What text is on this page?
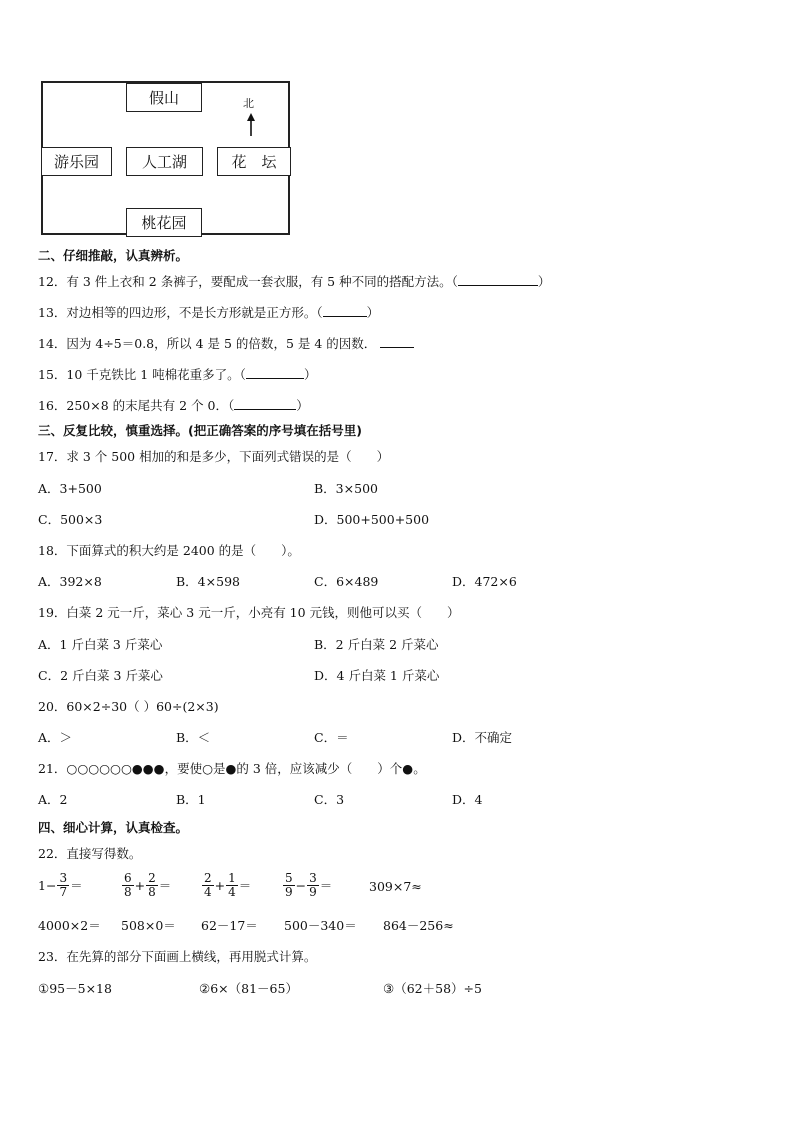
假山	北
游乐园	人工湖	花　坛
桃花园
二、仔细推敲，认真辨析。
12．有 3 件上衣和 2 条裤子，要配成一套衣服，有 5 种不同的搭配方法。（	）
13．对边相等的四边形，不是长方形就是正方形。（	）
14．因为 4÷5＝0.8，所以 4 是 5 的倍数，5 是 4 的因数．
15．10 千克铁比 1 吨棉花重多了。（	）
16．250×8 的末尾共有 2 个 0．（	）
三、反复比较，慎重选择。(把正确答案的序号填在括号里)
17．求 3 个 500 相加的和是多少，下面列式错误的是（　　）
A．3+500	B．3×500
C．500×3	D．500+500+500
18．下面算式的积大约是 2400 的是（　　）。
A．392×8	B．4×598	C．6×489	D．472×6
19．白菜 2 元一斤，菜心 3 元一斤，小亮有 10 元钱，则他可以买（　　）
A．1 斤白菜 3 斤菜心	B．2 斤白菜 2 斤菜心
C．2 斤白菜 3 斤菜心	D．4 斤白菜 1 斤菜心
20．60×2÷30（ ）60÷(2×3)
A．＞	B．＜	C．＝	D．不确定
21．○○○○○○●●●，要使○是●的 3 倍，应该减少（　　）个●。
A．2	B．1	C．3	D．4
四、细心计算，认真检查。
22．直接写得数。
$1- \frac{3}{7}$ ＝	$\frac{6}{8} + \frac{2}{8}$ ＝	$\frac{2}{4} + \frac{1}{4}$ ＝	$\frac{5}{9} - \frac{3}{9}$ ＝	309×7≈
4000×2＝ 508×0＝ 62－17＝ 500－340＝ 864－256≈
23．在先算的部分下面画上横线，再用脱式计算。
①95－5×18	②6×（81－65）	③（62＋58）÷5
